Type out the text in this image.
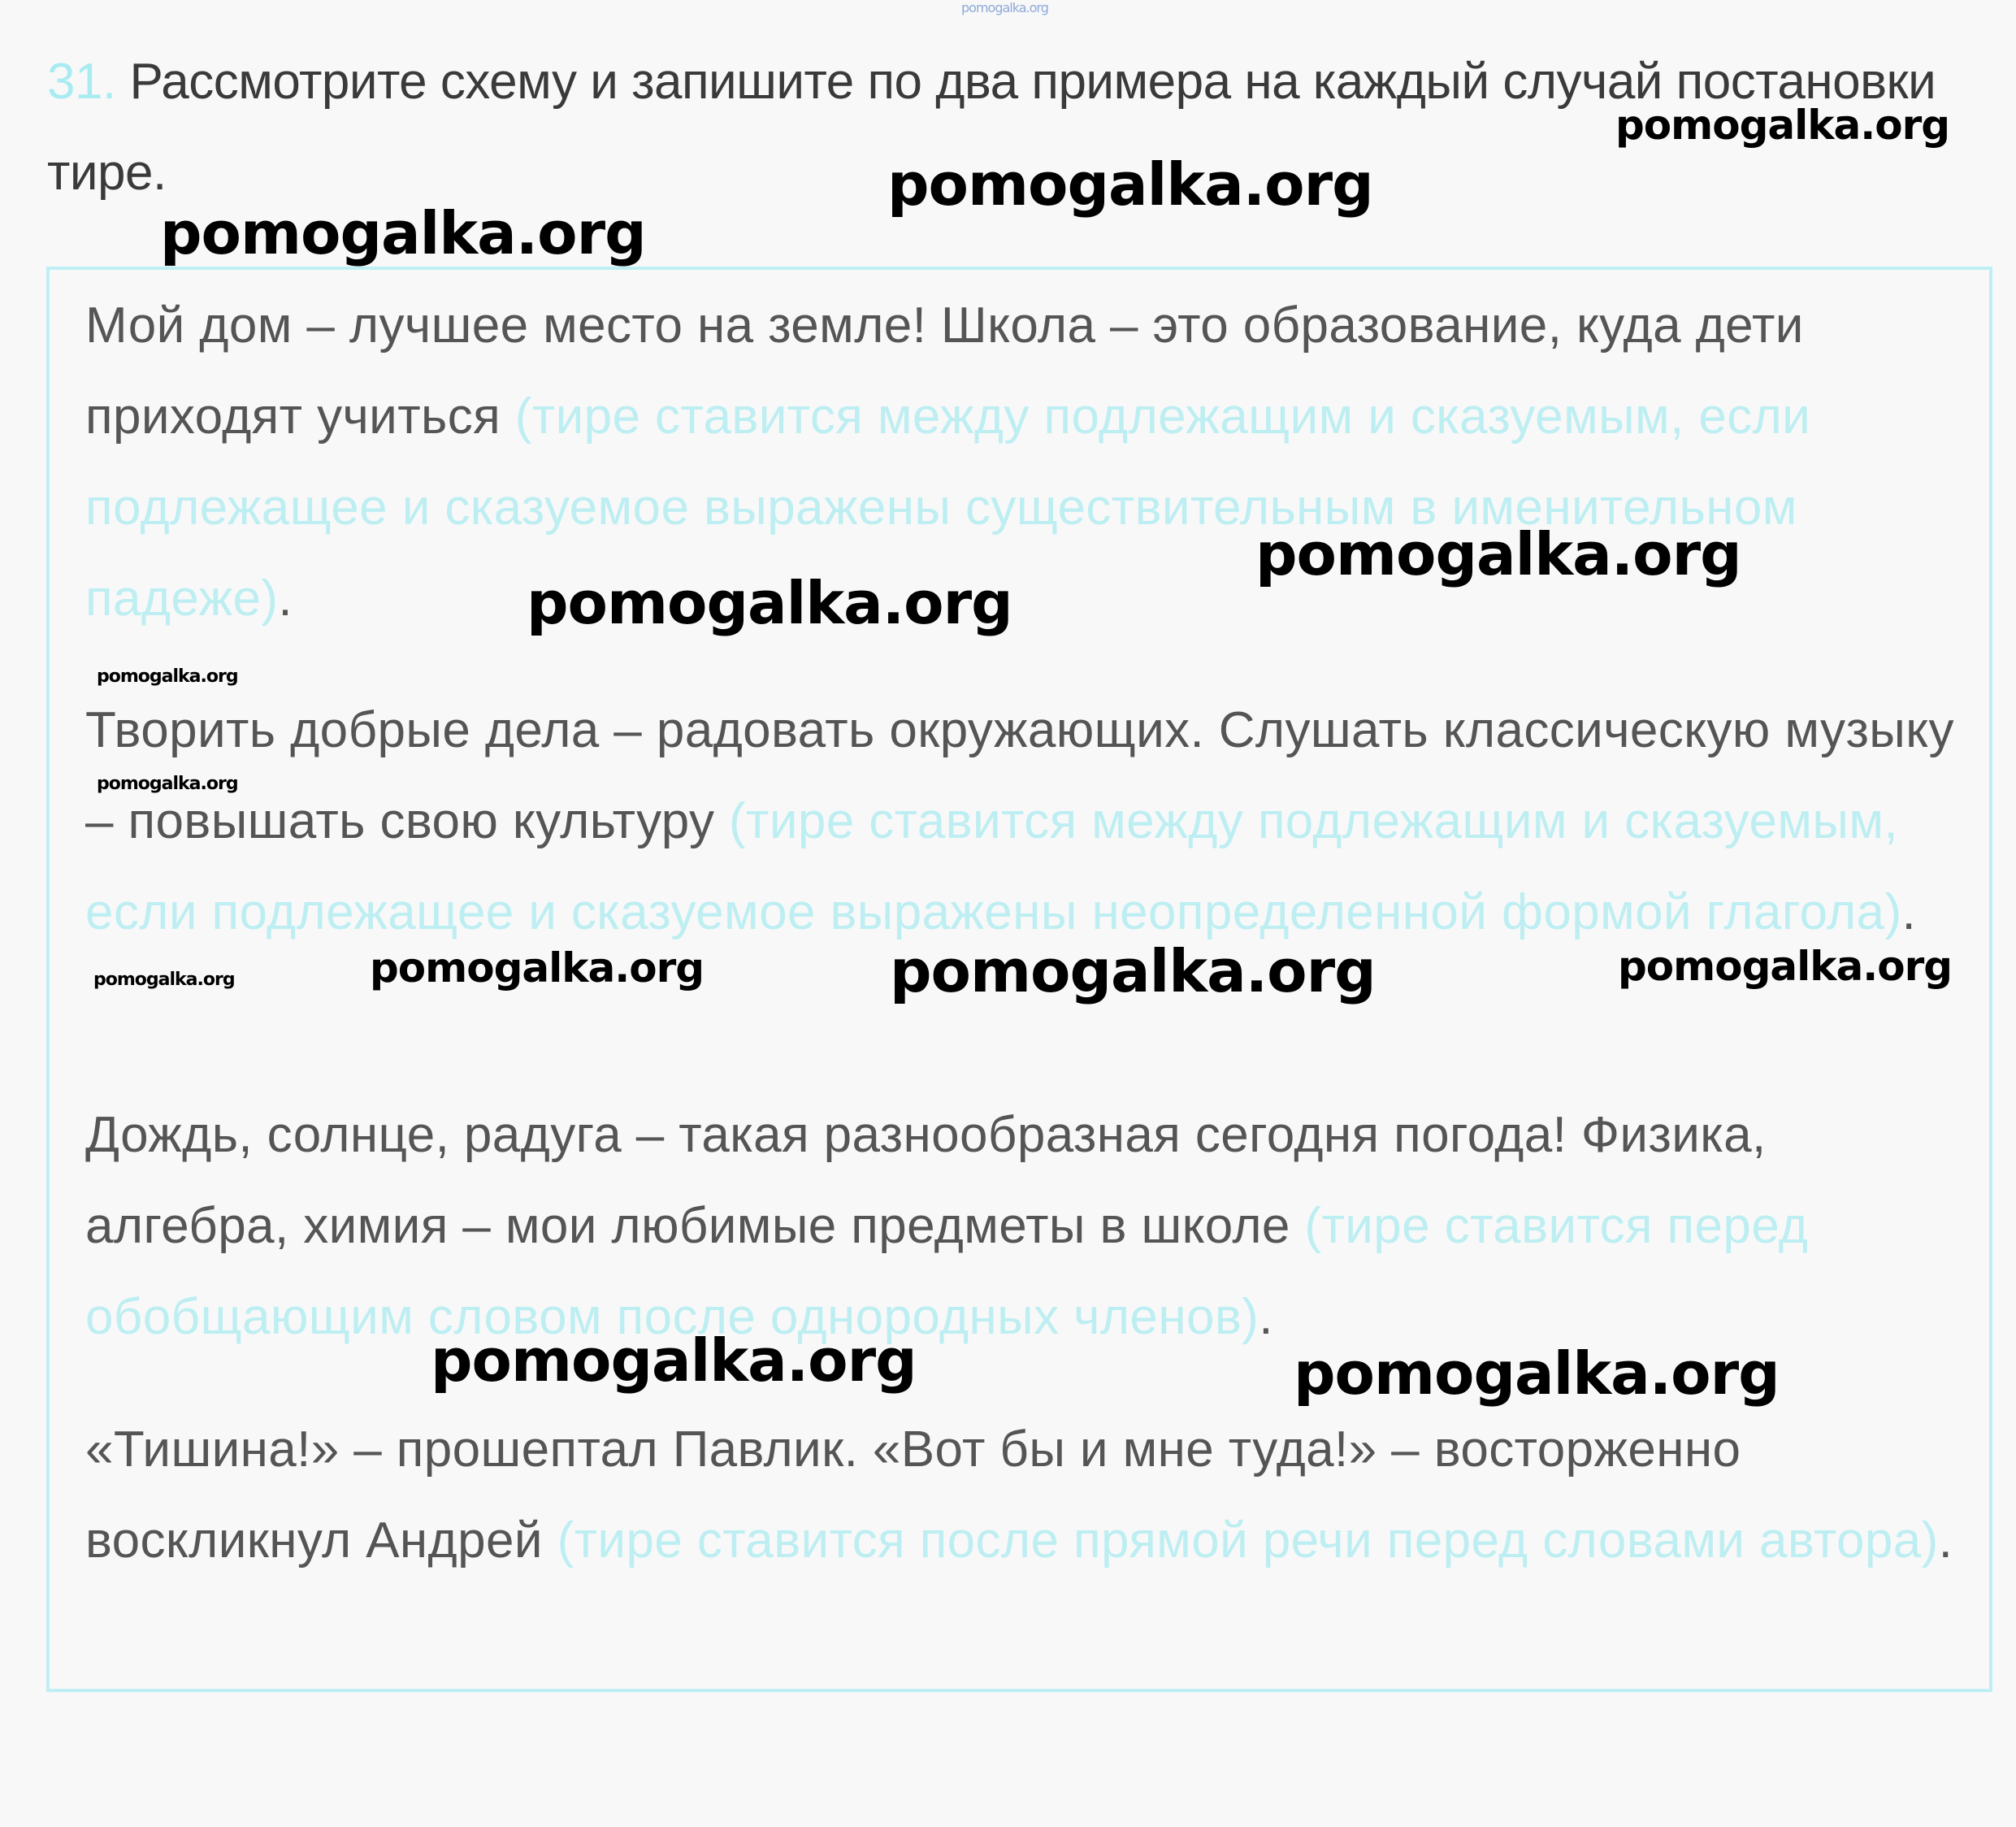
pomogalka.org

31. Рассмотрите схему и запишите по два примера на каждый случай постановки тире.

Мой дом – лучшее место на земле! Школа – это образование, куда дети приходят учиться (тире ставится между подлежащим и сказуемым, если подлежащее и сказуемое выражены существительным в именительном падеже).

Творить добрые дела – радовать окружающих. Слушать классическую музыку – повышать свою культуру (тире ставится между подлежащим и сказуемым, если подлежащее и сказуемое выражены неопределенной формой глагола).

Дождь, солнце, радуга – такая разнообразная сегодня погода! Физика, алгебра, химия – мои любимые предметы в школе (тире ставится перед обобщающим словом после однородных членов).

«Тишина!» – прошептал Павлик. «Вот бы и мне туда!» – восторженно воскликнул Андрей (тире ставится после прямой речи перед словами автора).

pomogalka.org
pomogalka.org
pomogalka.org
pomogalka.org
pomogalka.org
pomogalka.org
pomogalka.org
pomogalka.org	pomogalka.org	pomogalka.org
pomogalka.org
pomogalka.org	pomogalka.org
